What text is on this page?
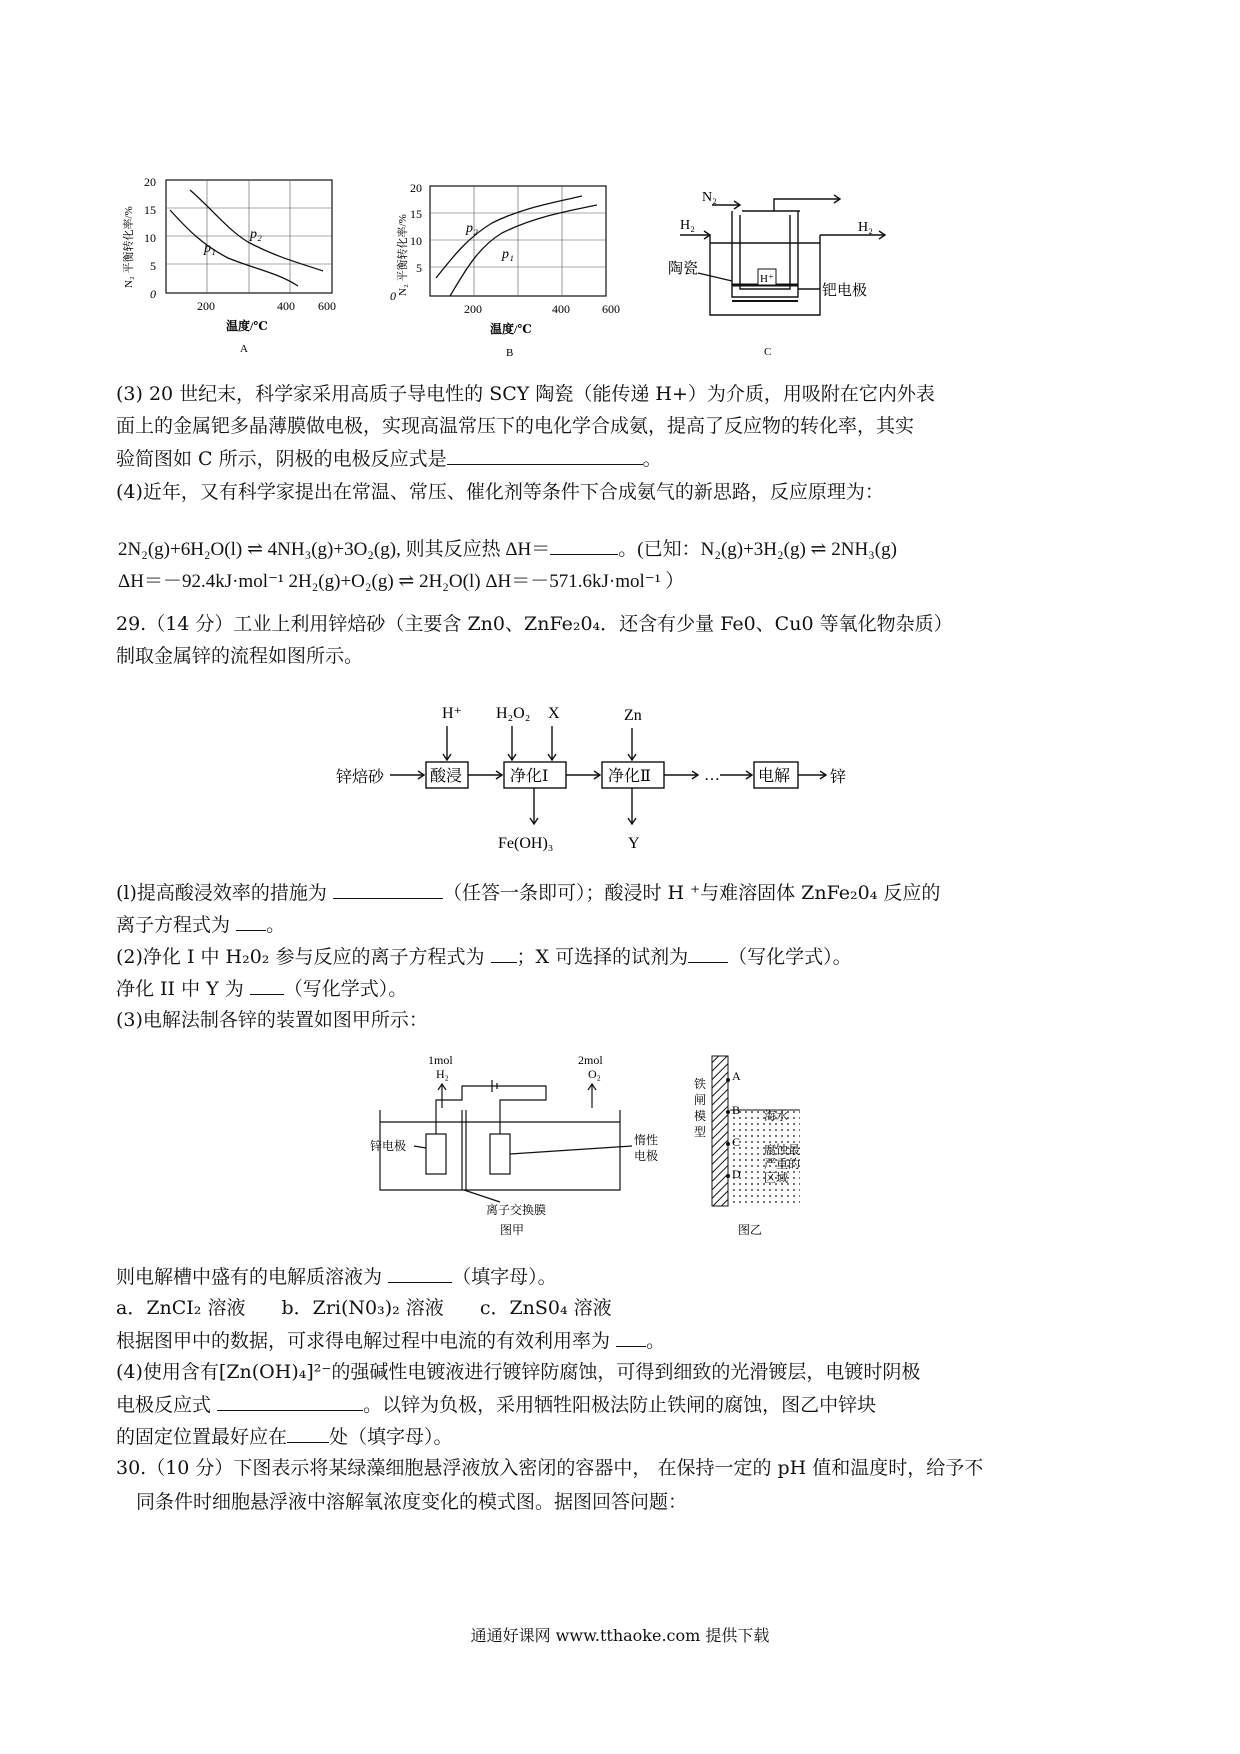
N₂ 平衡转化率/%
20
15
10
5
0
p₂
p₁
200	400 600
温度/℃
A
N₂ 平衡转化率/%
20
15
10
5
0
p₂
p₁
200	400	600
温度/℃
B
N₂
H₂	H₂
H⁺
陶瓷
钯电极
C
(3) 20 世纪末，科学家采用高质子导电性的 SCY 陶瓷（能传递 H+）为介质，用吸附在它内外表
面上的金属钯多晶薄膜做电极，实现高温常压下的电化学合成氨，提高了反应物的转化率，其实
验简图如 C 所示，阴极的电极反应式是	。
(4)近年，又有科学家提出在常温、常压、催化剂等条件下合成氨气的新思路，反应原理为：
2N₂(g)+6H₂O(l) ⇌ 4NH₃(g)+3O₂(g), 则其反应热 ΔH＝	。(已知：N₂(g)+3H₂(g) ⇌ 2NH₃(g)
ΔH＝－92.4kJ·mol⁻¹ 2H₂(g)+O₂(g) ⇌ 2H₂O(l) ΔH＝－571.6kJ·mol⁻¹ ）
29.（14 分）工业上利用锌焙砂（主要含 Zn0、ZnFe₂0₄．还含有少量 Fe0、Cu0 等氧化物杂质）
制取金属锌的流程如图所示。
H⁺ H₂O₂ X	Zn
锌焙砂	酸浸	净化Ⅰ	净化Ⅱ	… 电解 锌
Fe(OH)₃	Y
(l)提高酸浸效率的措施为	（任答一条即可）；酸浸时 H ⁺与难溶固体 ZnFe₂0₄ 反应的
离子方程式为 。
(2)净化 I 中 H₂0₂ 参与反应的离子方程式为 ；X 可选择的试剂为 （写化学式）。
净化 II 中 Y 为 （写化学式）。
(3)电解法制各锌的装置如图甲所示：
1mol
H₂
2mol
O₂
锌电极	惰性
电极
离子交换膜
图甲
铁
闸
模
型
A
B
C
D
海水
腐蚀最
严重的
区域
图乙
则电解槽中盛有的电解质溶液为	（填字母）。
a．ZnCI₂ 溶液 b．Zri(N0₃)₂ 溶液 c．ZnS0₄ 溶液
根据图甲中的数据，可求得电解过程中电流的有效利用率为 。
(4)使用含有[Zn(OH)₄]²⁻的强碱性电镀液进行镀锌防腐蚀，可得到细致的光滑镀层，电镀时阴极
电极反应式	。以锌为负极，采用牺牲阳极法防止铁闸的腐蚀，图乙中锌块
的固定位置最好应在 处（填字母）。
30.（10 分）下图表示将某绿藻细胞悬浮液放入密闭的容器中， 在保持一定的 pH 值和温度时，给予不
同条件时细胞悬浮液中溶解氧浓度变化的模式图。据图回答问题：
通通好课网 www.tthaoke.com 提供下载
